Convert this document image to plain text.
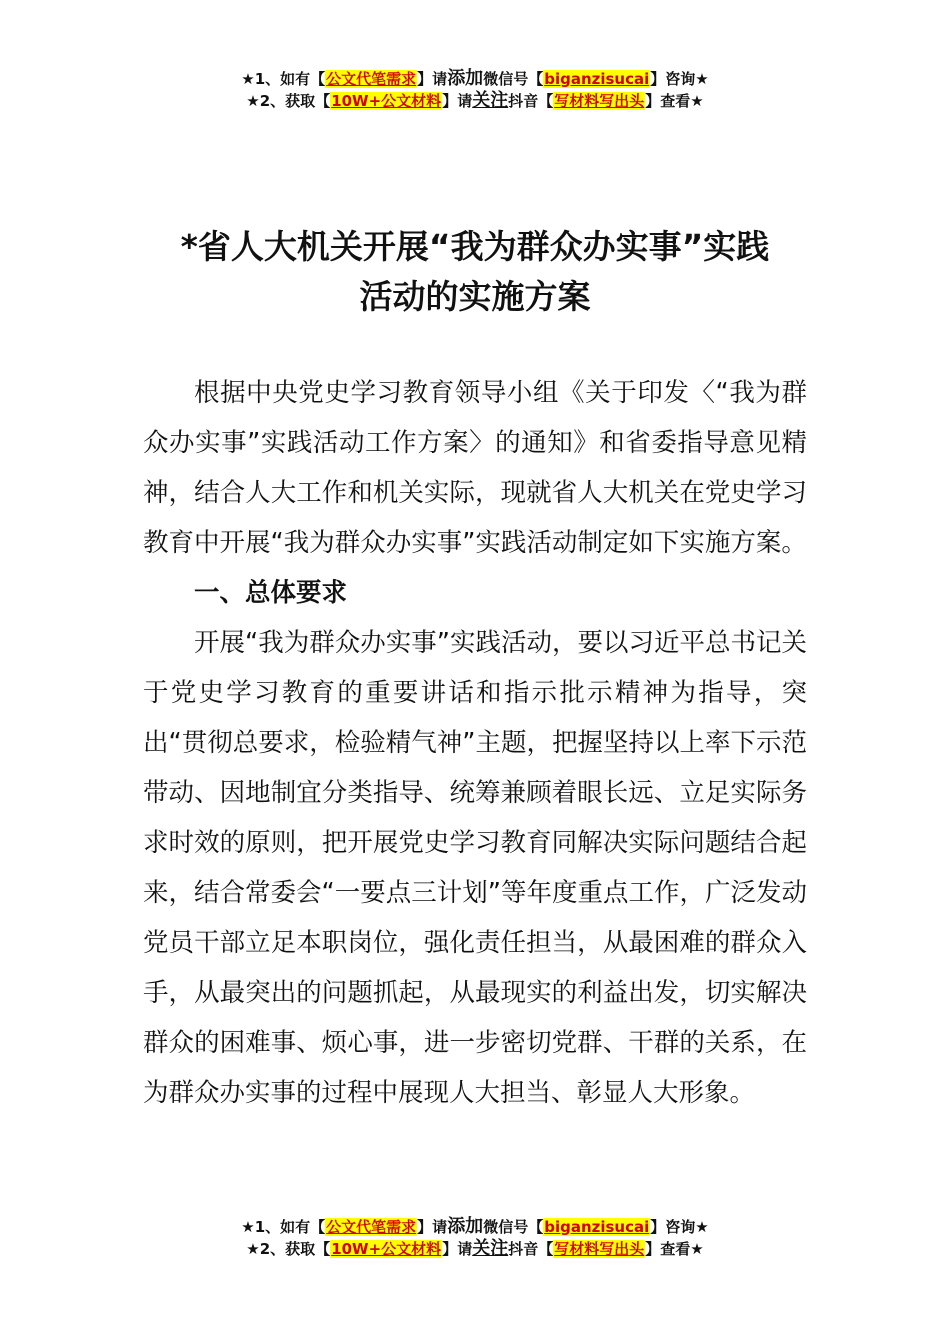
★1、如有【公文代笔需求】请添加微信号【biganzisucai】咨询★
★2、获取【10W+公文材料】请关注抖音【写材料写出头】查看★
*省人大机关开展“我为群众办实事”实践
活动的实施方案

根据中央党史学习教育领导小组《关于印发〈“我为群众办实事”实践活动工作方案〉的通知》和省委指导意见精神，结合人大工作和机关实际，现就省人大机关在党史学习教育中开展“我为群众办实事”实践活动制定如下实施方案。

一、总体要求

开展“我为群众办实事”实践活动，要以习近平总书记关于党史学习教育的重要讲话和指示批示精神为指导，突出“贯彻总要求，检验精气神”主题，把握坚持以上率下示范带动、因地制宜分类指导、统筹兼顾着眼长远、立足实际务求时效的原则，把开展党史学习教育同解决实际问题结合起来，结合常委会“一要点三计划”等年度重点工作，广泛发动党员干部立足本职岗位，强化责任担当，从最困难的群众入手，从最突出的问题抓起，从最现实的利益出发，切实解决群众的困难事、烦心事，进一步密切党群、干群的关系，在为群众办实事的过程中展现人大担当、彰显人大形象。

★1、如有【公文代笔需求】请添加微信号【biganzisucai】咨询★
★2、获取【10W+公文材料】请关注抖音【写材料写出头】查看★
